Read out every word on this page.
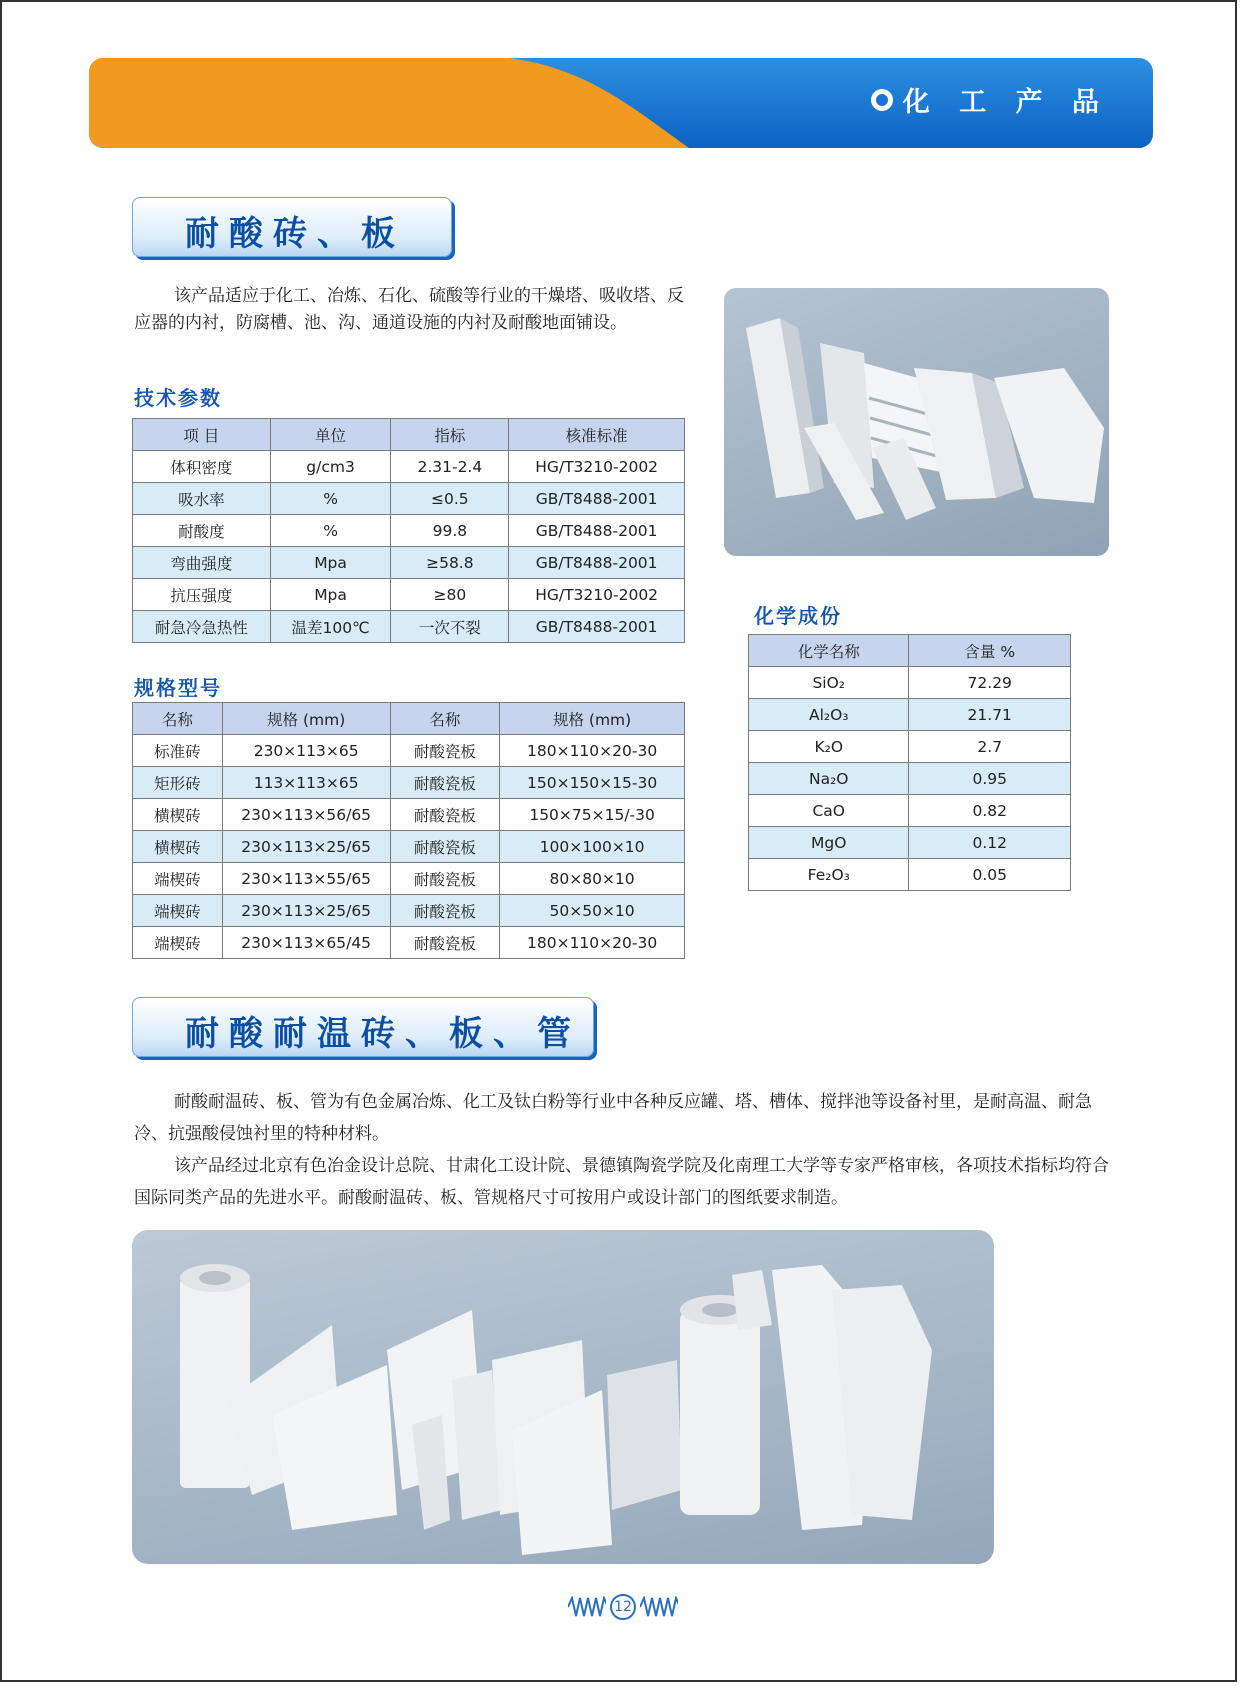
化 工 产 品
耐酸砖、板
该产品适应于化工、冶炼、石化、硫酸等行业的干燥塔、吸收塔、反应器的内衬，防腐槽、池、沟、通道设施的内衬及耐酸地面铺设。
技术参数
项 目	单位	指标	核准标准
体积密度	g/cm3	2.31-2.4	HG/T3210-2002
吸水率	%	≤0.5	GB/T8488-2001
耐酸度	%	99.8	GB/T8488-2001
弯曲强度	Mpa	≥58.8	GB/T8488-2001
抗压强度	Mpa	≥80	HG/T3210-2002
耐急冷急热性	温差100℃	一次不裂	GB/T8488-2001
规格型号
名称	规格 (mm)	名称	规格 (mm)
标准砖	230×113×65	耐酸瓷板	180×110×20-30
矩形砖	113×113×65	耐酸瓷板	150×150×15-30
横楔砖	230×113×56/65	耐酸瓷板	150×75×15/-30
横楔砖	230×113×25/65	耐酸瓷板	100×100×10
端楔砖	230×113×55/65	耐酸瓷板	80×80×10
端楔砖	230×113×25/65	耐酸瓷板	50×50×10
端楔砖	230×113×65/45	耐酸瓷板	180×110×20-30
化学成份
化学名称	含量 %
SiO₂	72.29
Al₂O₃	21.71
K₂O	2.7
Na₂O	0.95
CaO	0.82
MgO	0.12
Fe₂O₃	0.05
耐酸耐温砖、板、管
耐酸耐温砖、板、管为有色金属冶炼、化工及钛白粉等行业中各种反应罐、塔、槽体、搅拌池等设备衬里，是耐高温、耐急冷、抗强酸侵蚀衬里的特种材料。
该产品经过北京有色冶金设计总院、甘肃化工设计院、景德镇陶瓷学院及化南理工大学等专家严格审核，各项技术指标均符合国际同类产品的先进水平。耐酸耐温砖、板、管规格尺寸可按用户或设计部门的图纸要求制造。
12
